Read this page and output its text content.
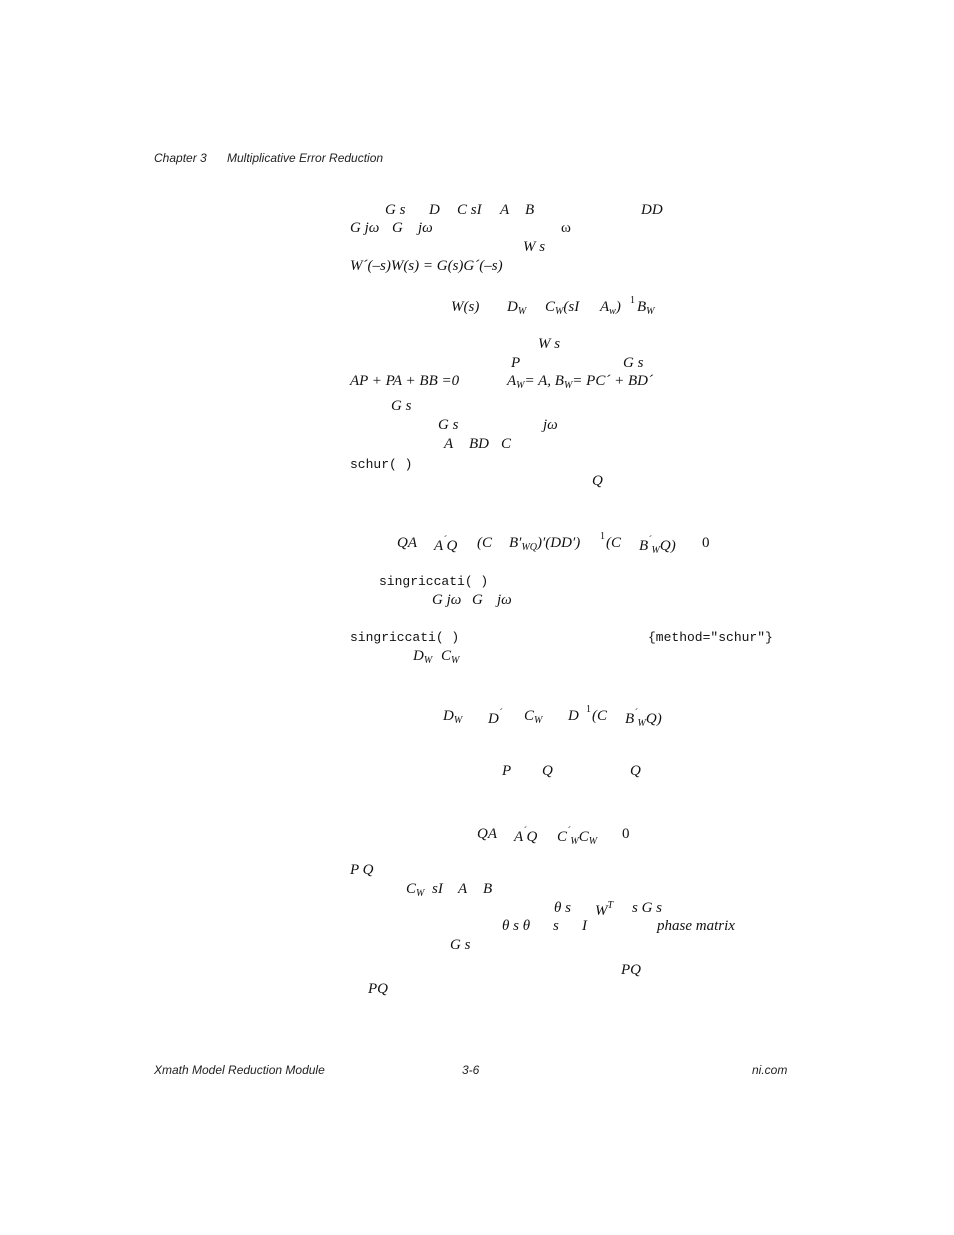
Chapter 3 Multiplicative Error Reduction
G s D C sI A B	DD
G jω G jω	ω
W s
W´(–s)W(s) = G(s)G´(–s)
W(s) $D_W$ $C_W(sI$ $A_w$) 1 $B_W$
W s
P	G s
AP + PA + BB =0	$A_W= A$, $B_W=$ PC´ + BD´
G s
G s	jω
A BD C
schur( )
Q
QA A´Q (C $B'_{WQ})'(DD')$ 1 (C $B^´_WQ$) 0
singriccati( )
G jω G jω
singriccati( )	{method="schur"}
$D_W$ $C_W$
$D_W$ D´ $C_W$ D 1 (C $B^´_WQ$)
P Q	Q
QA A´Q $C^´_WC_W$ 0
P Q
$C_W$ sI A B
θ s $W^T$ s G s
θ s θ s I	phase matrix
G s
PQ
PQ
Xmath Model Reduction Module	3-6	ni.com
